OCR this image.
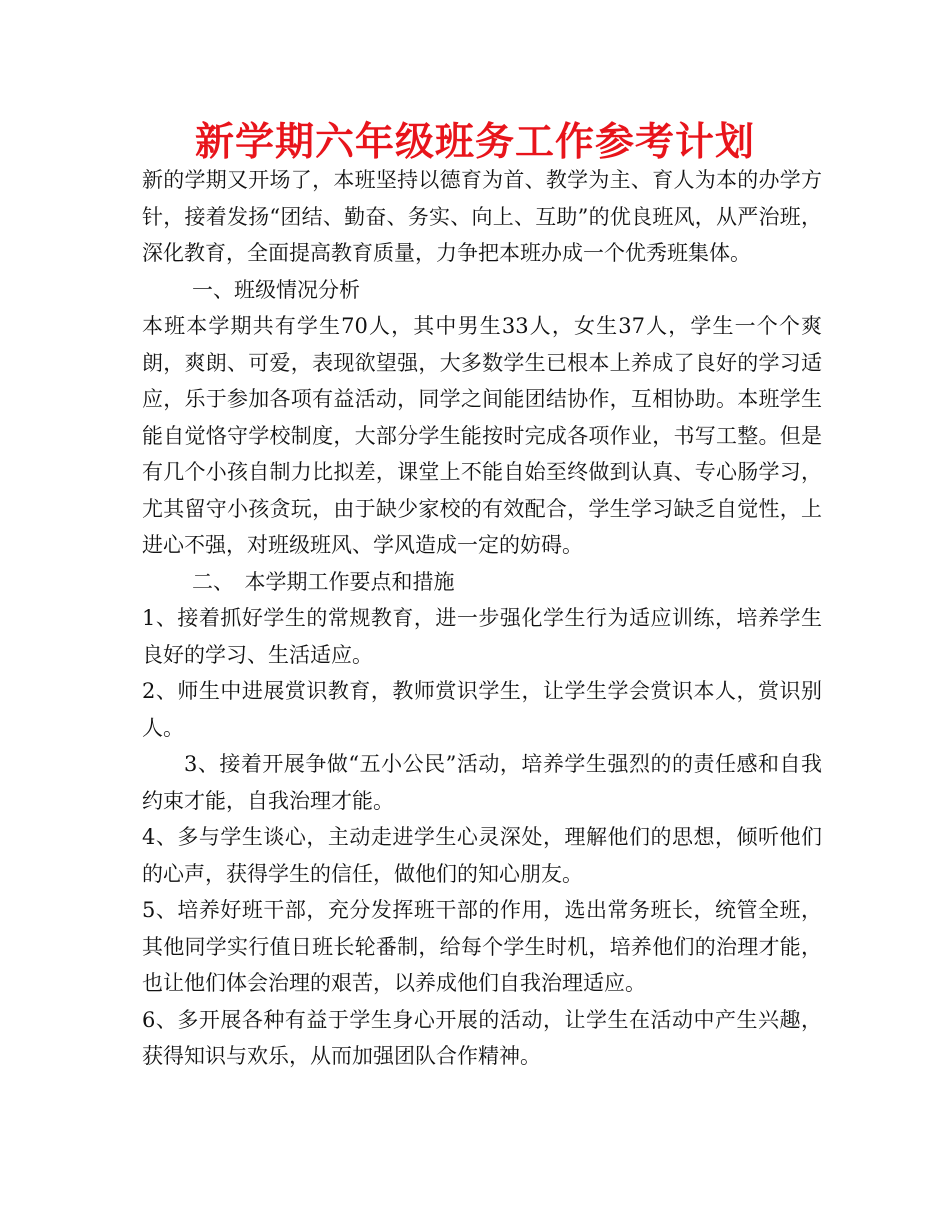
新学期六年级班务工作参考计划

新的学期又开场了，本班坚持以德育为首、教学为主、育人为本的办学方针，接着发扬“团结、勤奋、务实、向上、互助”的优良班风，从严治班，深化教育，全面提高教育质量，力争把本班办成一个优秀班集体。

一、班级情况分析

本班本学期共有学生70人，其中男生33人，女生37人，学生一个个爽朗，爽朗、可爱，表现欲望强，大多数学生已根本上养成了良好的学习适应，乐于参加各项有益活动，同学之间能团结协作，互相协助。本班学生能自觉恪守学校制度，大部分学生能按时完成各项作业，书写工整。但是有几个小孩自制力比拟差，课堂上不能自始至终做到认真、专心肠学习，尤其留守小孩贪玩，由于缺少家校的有效配合，学生学习缺乏自觉性，上进心不强，对班级班风、学风造成一定的妨碍。

二、　本学期工作要点和措施

1、接着抓好学生的常规教育，进一步强化学生行为适应训练，培养学生良好的学习、生活适应。

2、师生中进展赏识教育，教师赏识学生，让学生学会赏识本人，赏识别人。

3、接着开展争做“五小公民”活动，培养学生强烈的的责任感和自我约束才能，自我治理才能。

4、多与学生谈心，主动走进学生心灵深处，理解他们的思想，倾听他们的心声，获得学生的信任，做他们的知心朋友。

5、培养好班干部，充分发挥班干部的作用，选出常务班长，统管全班，其他同学实行值日班长轮番制，给每个学生时机，培养他们的治理才能，也让他们体会治理的艰苦，以养成他们自我治理适应。

6、多开展各种有益于学生身心开展的活动，让学生在活动中产生兴趣，获得知识与欢乐，从而加强团队合作精神。
